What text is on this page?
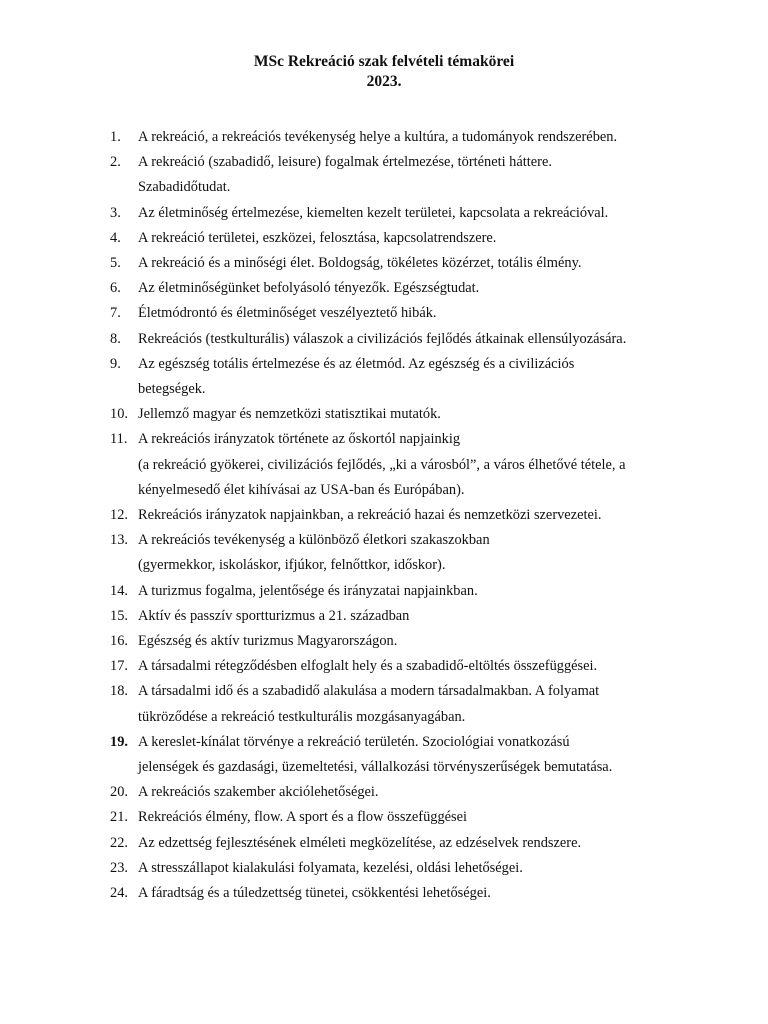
MSc Rekreáció szak felvételi témakörei
2023.
1. A rekreáció, a rekreációs tevékenység helye a kultúra, a tudományok rendszerében.
2. A rekreáció (szabadidő, leisure) fogalmak értelmezése, történeti háttere.
Szabadidőtudat.
3. Az életminőség értelmezése, kiemelten kezelt területei, kapcsolata a rekreációval.
4. A rekreáció területei, eszközei, felosztása, kapcsolatrendszere.
5. A rekreáció és a minőségi élet. Boldogság, tökéletes közérzet, totális élmény.
6. Az életminőségünket befolyásoló tényezők. Egészségtudat.
7. Életmódrontó és életminőséget veszélyeztető hibák.
8. Rekreációs (testkulturális) válaszok a civilizációs fejlődés átkainak ellensúlyozására.
9. Az egészség totális értelmezése és az életmód. Az egészség és a civilizációs
betegségek.
10. Jellemző magyar és nemzetközi statisztikai mutatók.
11. A rekreációs irányzatok története az őskortól napjainkig
(a rekreáció gyökerei, civilizációs fejlődés, „ki a városból”, a város élhetővé tétele, a
kényelmesedő élet kihívásai az USA-ban és Európában).
12. Rekreációs irányzatok napjainkban, a rekreáció hazai és nemzetközi szervezetei.
13. A rekreációs tevékenység a különböző életkori szakaszokban
(gyermekkor, iskoláskor, ifjúkor, felnőttkor, időskor).
14. A turizmus fogalma, jelentősége és irányzatai napjainkban.
15. Aktív és passzív sportturizmus a 21. században
16. Egészség és aktív turizmus Magyarországon.
17. A társadalmi rétegződésben elfoglalt hely és a szabadidő-eltöltés összefüggései.
18. A társadalmi idő és a szabadidő alakulása a modern társadalmakban. A folyamat
tükröződése a rekreáció testkulturális mozgásanyagában.
19. A kereslet-kínálat törvénye a rekreáció területén. Szociológiai vonatkozású
jelenségek és gazdasági, üzemeltetési, vállalkozási törvényszerűségek bemutatása.
20. A rekreációs szakember akciólehetőségei.
21. Rekreációs élmény, flow. A sport és a flow összefüggései
22. Az edzettség fejlesztésének elméleti megközelítése, az edzéselvek rendszere.
23. A stresszállapot kialakulási folyamata, kezelési, oldási lehetőségei.
24. A fáradtság és a túledzettség tünetei, csökkentési lehetőségei.
